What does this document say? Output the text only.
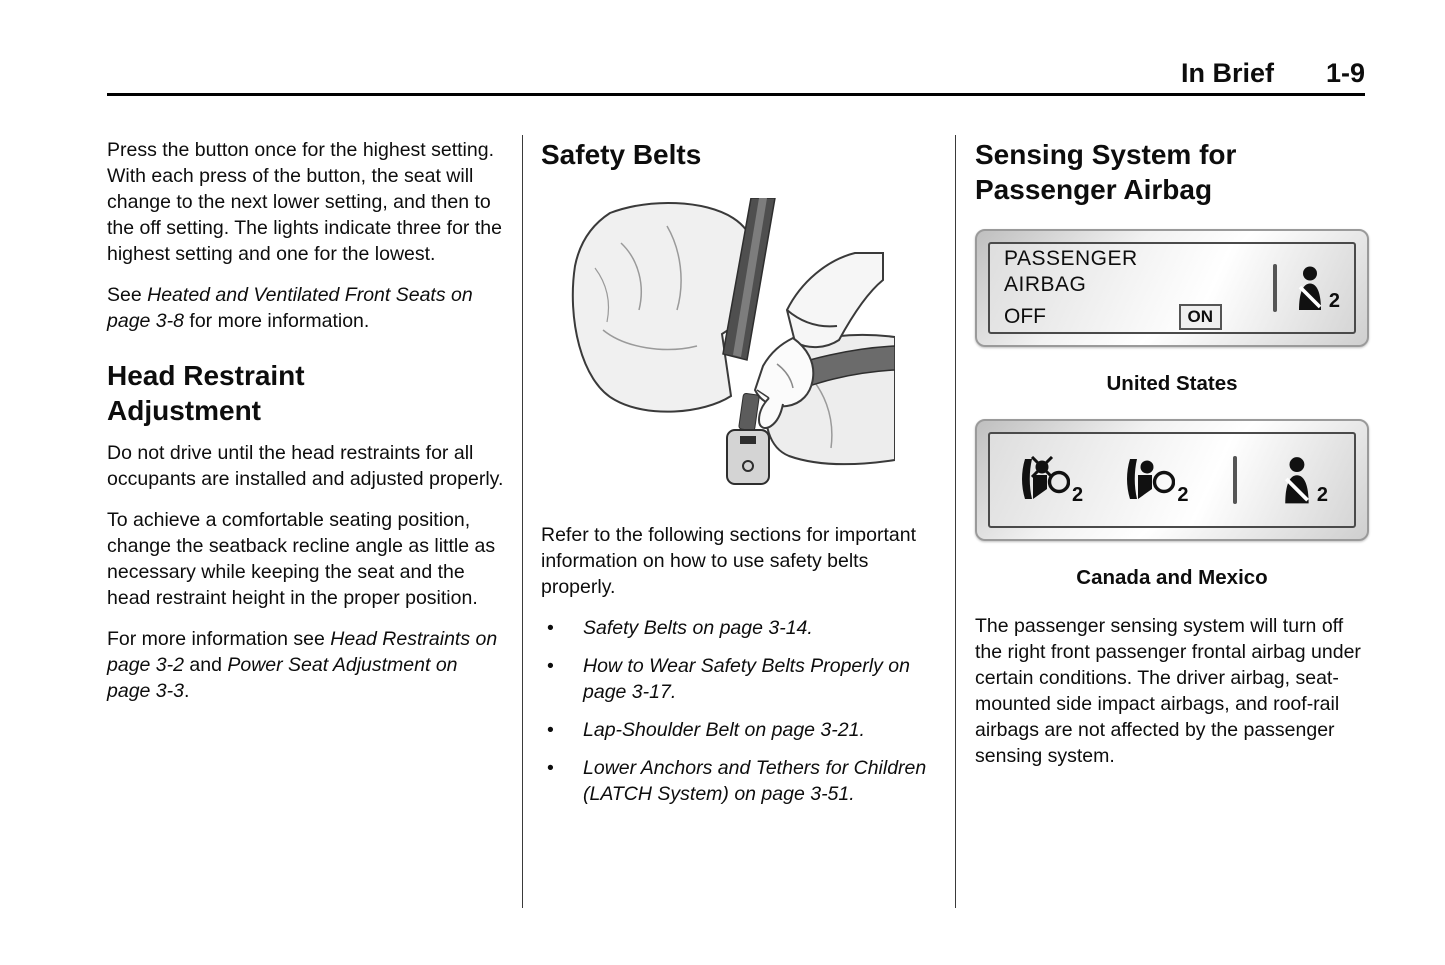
In Brief 1-9

Press the button once for the highest setting. With each press of the button, the seat will change to the next lower setting, and then to the off setting. The lights indicate three for the highest setting and one for the lowest.

See Heated and Ventilated Front Seats on page 3-8 for more information.

Head Restraint Adjustment

Do not drive until the head restraints for all occupants are installed and adjusted properly.

To achieve a comfortable seating position, change the seatback recline angle as little as necessary while keeping the seat and the head restraint height in the proper position.

For more information see Head Restraints on page 3-2 and Power Seat Adjustment on page 3-3.

Safety Belts

Refer to the following sections for important information on how to use safety belts properly.

•	Safety Belts on page 3-14.
•	How to Wear Safety Belts Properly on page 3-17.
•	Lap-Shoulder Belt on page 3-21.
•	Lower Anchors and Tethers for Children (LATCH System) on page 3-51.
Sensing System for Passenger Airbag
PASSENGER AIRBAG
OFF	ON
2
United States
2	2	2
Canada and Mexico

The passenger sensing system will turn off the right front passenger frontal airbag under certain conditions. The driver airbag, seat-mounted side impact airbags, and roof-rail airbags are not affected by the passenger sensing system.
